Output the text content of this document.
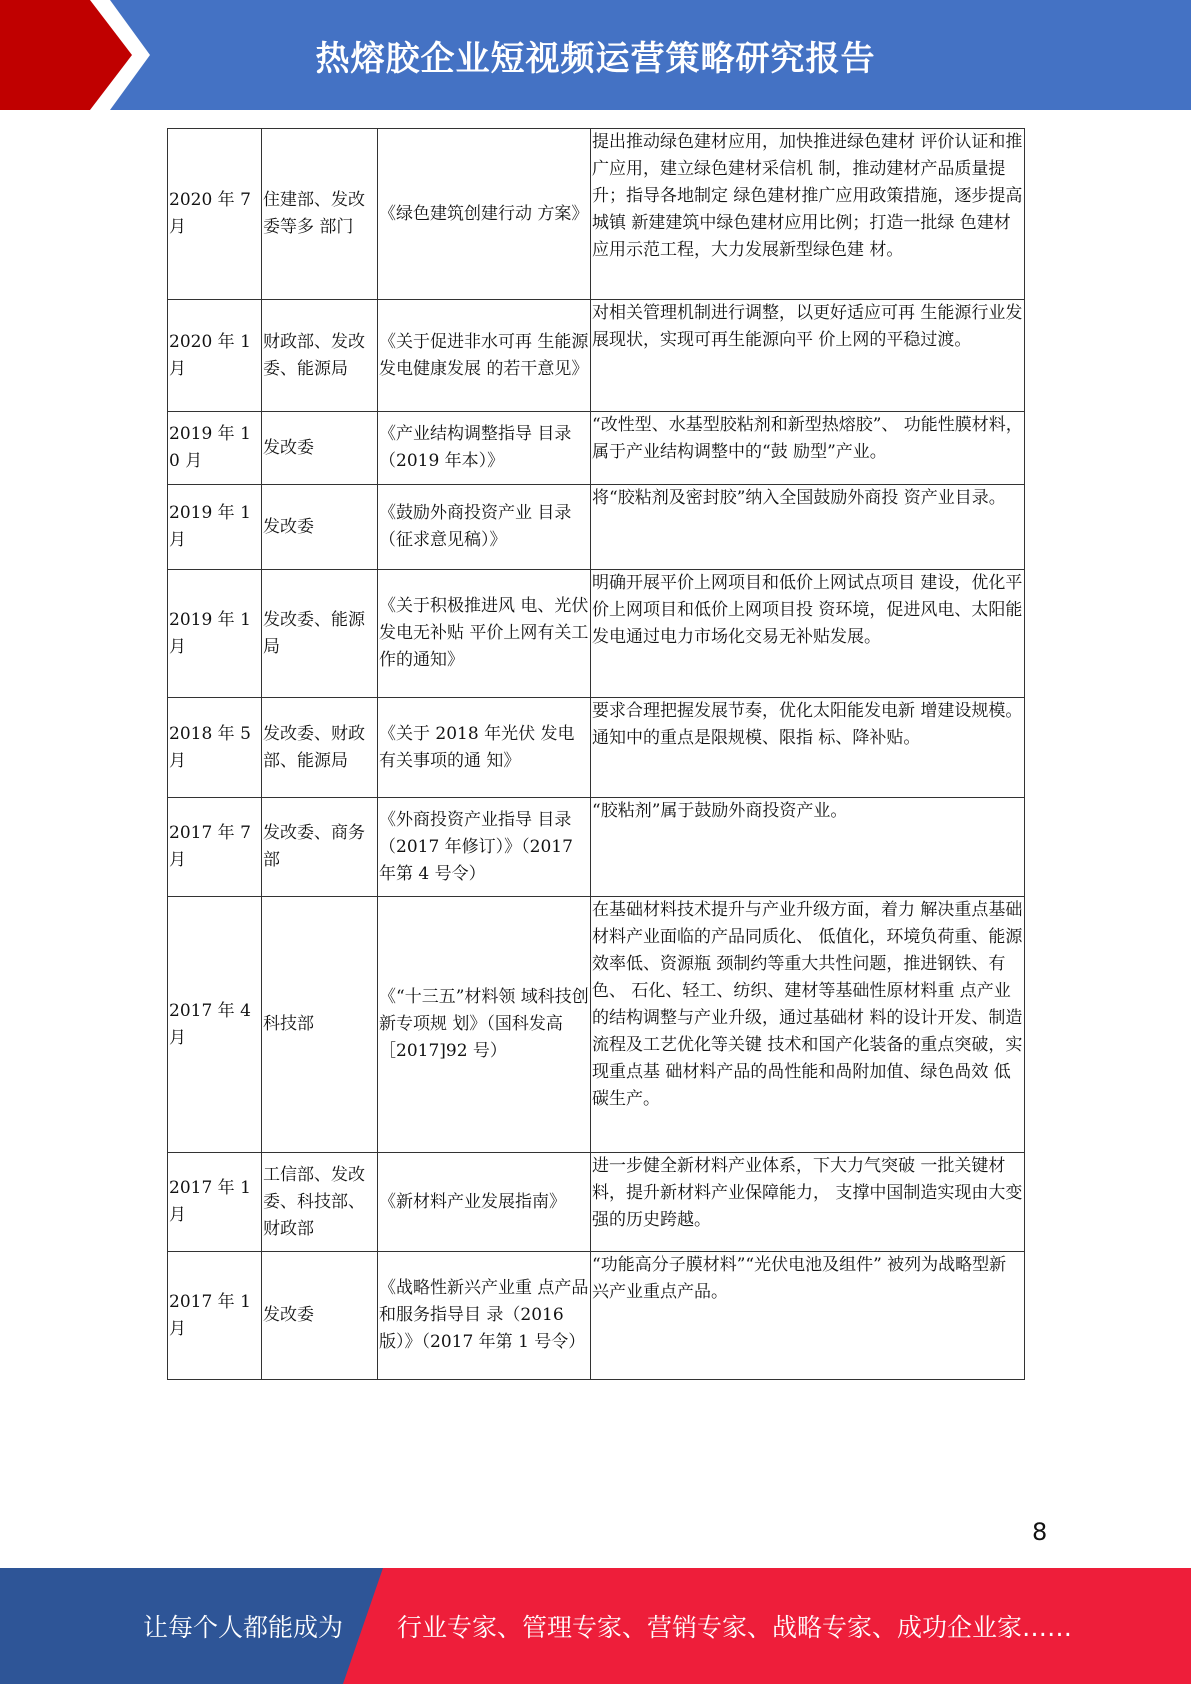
热熔胶企业短视频运营策略研究报告
2020 年 7 月	住建部、发改委等多 部门	《绿色建筑创建行动 方案》	提出推动绿色建材应用，加快推进绿色建材 评价认证和推广应用，建立绿色建材采信机 制，推动建材产品质量提升；指导各地制定 绿色建材推广应用政策措施，逐步提高城镇 新建建筑中绿色建材应用比例；打造一批绿 色建材应用示范工程，大力发展新型绿色建 材。
2020 年 1 月	财政部、发改委、能源局	《关于促进非水可再 生能源发电健康发展 的若干意见》	对相关管理机制进行调整，以更好适应可再 生能源行业发展现状，实现可再生能源向平 价上网的平稳过渡。
2019 年 10 月	发改委	《产业结构调整指导 目录（2019 年本）》	“改性型、水基型胶粘剂和新型热熔胶”、 功能性膜材料，属于产业结构调整中的“鼓 励型”产业。
2019 年 1 月	发改委	《鼓励外商投资产业 目录（征求意见稿）》	将“胶粘剂及密封胶”纳入全国鼓励外商投 资产业目录。
2019 年 1 月	发改委、能源局	《关于积极推进风 电、光伏发电无补贴 平价上网有关工作的通知》	明确开展平价上网项目和低价上网试点项目 建设，优化平价上网项目和低价上网项目投 资环境，促进风电、太阳能发电通过电力市场化交易无补贴发展。
2018 年 5 月	发改委、财政部、能源局	《关于 2018 年光伏 发电有关事项的通 知》	要求合理把握发展节奏，优化太阳能发电新 增建设规模。通知中的重点是限规模、限指 标、降补贴。
2017 年 7 月	发改委、商务部	《外商投资产业指导 目录（2017 年修订）》（2017 年第 4 号令）	“胶粘剂”属于鼓励外商投资产业。
2017 年 4 月	科技部	《“十三五”材料领 域科技创新专项规 划》（国科发高［2017]92 号）	在基础材料技术提升与产业升级方面，着力 解决重点基础材料产业面临的产品同质化、 低值化，环境负荷重、能源效率低、资源瓶 颈制约等重大共性问题，推进钢铁、有色、 石化、轻工、纺织、建材等基础性原材料重 点产业的结构调整与产业升级，通过基础材 料的设计开发、制造流程及工艺优化等关键 技术和国产化装备的重点突破，实现重点基 础材料产品的咼性能和咼附加值、绿色咼效 低碳生产。
2017 年 1 月	工信部、发改委、科技部、财政部	《新材料产业发展指南》	进一步健全新材料产业体系，下大力气突破 一批关键材料，提升新材料产业保障能力， 支撑中国制造实现由大变强的历史跨越。
2017 年 1 月	发改委	《战略性新兴产业重 点产品和服务指导目 录（2016 版）》（2017 年第 1 号令）	“功能高分子膜材料”“光伏电池及组件” 被列为战略型新兴产业重点产品。
8
让每个人都能成为 行业专家、管理专家、营销专家、战略专家、成功企业家……
